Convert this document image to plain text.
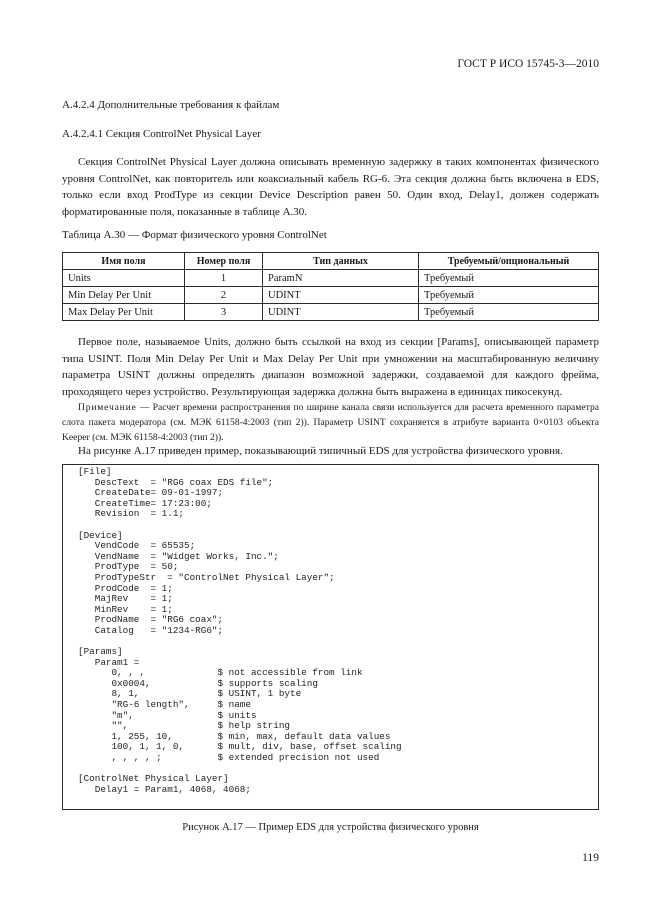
ГОСТ Р ИСО 15745-3—2010

А.4.2.4 Дополнительные требования к файлам

А.4.2.4.1 Секция ControlNet Physical Layer

Секция ControlNet Physical Layer должна описывать временную задержку в таких компонентах физического уровня ControlNet, как повторитель или коаксиальный кабель RG-6. Эта секция должна быть включена в EDS, только если вход ProdType из секции Device Description равен 50. Один вход, Delay1, должен содержать форматированные поля, показанные в таблице А.30.

Таблица А.30 — Формат физического уровня ControlNet

Имя поля	Номер поля	Тип данных	Требуемый/опциональный
Units	1	ParamN	Требуемый
Min Delay Per Unit	2	UDINT	Требуемый
Max Delay Per Unit	3	UDINT	Требуемый

Первое поле, называемое Units, должно быть ссылкой на вход из секции [Params], описывающей параметр типа USINT. Поля Min Delay Per Unit и Max Delay Per Unit при умножении на масштабированную величину параметра USINT должны определять диапазон возможной задержки, создаваемой для каждого фрейма, проходящего через устройство. Результирующая задержка должна быть выражена в единицах пикосекунд.

Примечание — Расчет времени распространения по ширине канала связи используется для расчета временного параметра слота пакета модератора (см. МЭК 61158-4:2003 (тип 2)). Параметр USINT сохраняется в атрибуте варианта 0×0103 объекта Keeper (см. МЭК 61158-4:2003 (тип 2)).

На рисунке А.17 приведен пример, показывающий типичный EDS для устройства физического уровня.

[File]
DescText  = "RG6 coax EDS file";
CreateDate= 09-01-1997;
CreateTime= 17:23:00;
Revision  = 1.1;

[Device]
VendCode  = 65535;
VendName  = "Widget Works, Inc.";
ProdType  = 50;
ProdTypeStr  = "ControlNet Physical Layer";
ProdCode  = 1;
MajRev    = 1;
MinRev    = 1;
ProdName  = "RG6 coax";
Catalog   = "1234-RG6";

[Params]
Param1 =
0, , ,             $ not accessible from link
0x0004,            $ supports scaling
8, 1,              $ USINT, 1 byte
"RG-6 length",     $ name
"m",               $ units
"",                $ help string
1, 255, 10,        $ min, max, default data values
100, 1, 1, 0,      $ mult, div, base, offset scaling
, , , , ;          $ extended precision not used

[ControlNet Physical Layer]
Delay1 = Param1, 4068, 4068;

Рисунок А.17 — Пример EDS для устройства физического уровня
119
